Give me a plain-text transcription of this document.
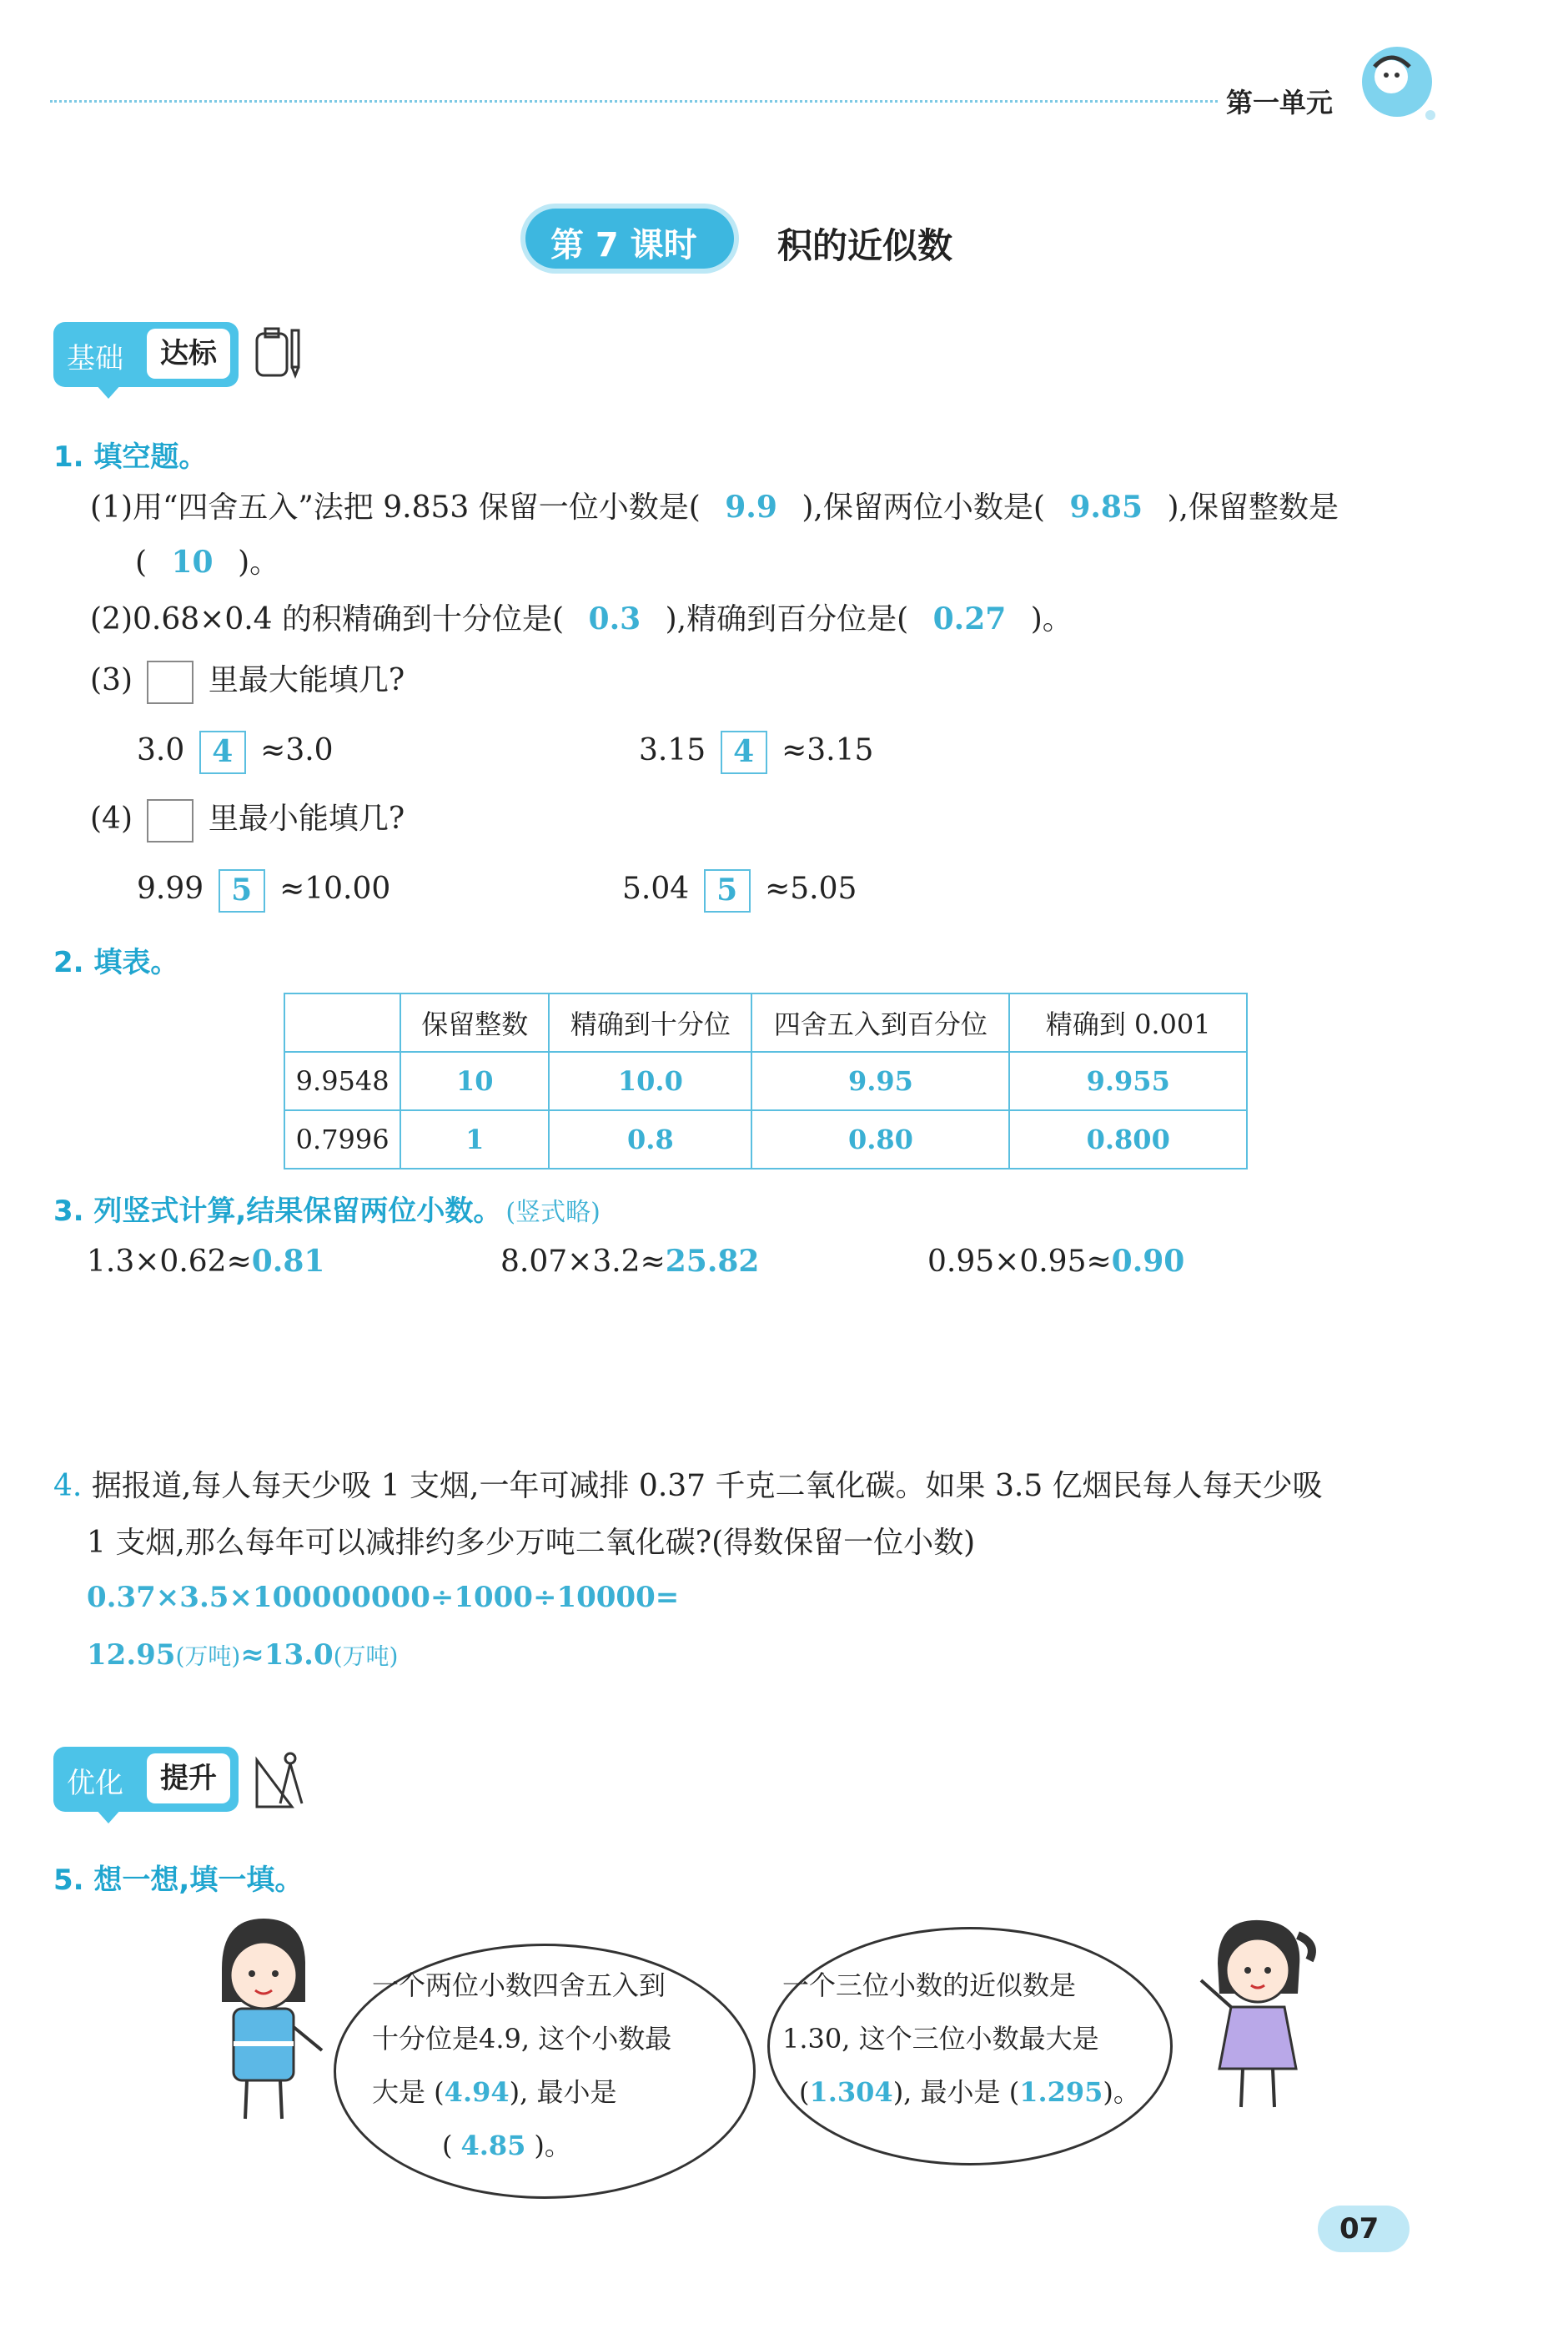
第一单元
第 7 课时 积的近似数
基础	达标
1. 填空题。
(1)用“四舍五入”法把 9.853 保留一位小数是( 9.9 ),保留两位小数是( 9.85 ),保留整数是
( 10 )。
(2)0.68×0.4 的积精确到十分位是( 0.3 ),精确到百分位是( 0.27 )。
(3)	里最大能填几?
3.0 4 ≈3.0	3.15 4 ≈3.15
(4)	里最小能填几?
9.99 5 ≈10.00	5.04 5 ≈5.05
2. 填表。
	保留整数	精确到十分位	四舍五入到百分位	精确到 0.001
9.9548	10	10.0	9.95	9.955
0.7996	1	0.8	0.80	0.800
3. 列竖式计算,结果保留两位小数。 (竖式略)
1.3×0.62≈0.81	8.07×3.2≈25.82	0.95×0.95≈0.90
4. 据报道,每人每天少吸 1 支烟,一年可减排 0.37 千克二氧化碳。如果 3.5 亿烟民每人每天少吸
1 支烟,那么每年可以减排约多少万吨二氧化碳?(得数保留一位小数)
0.37×3.5×100000000÷1000÷10000=
12.95(万吨)≈13.0(万吨)
优化	提升
5. 想一想,填一填。
一个两位小数四舍五入到
十分位是4.9, 这个小数最
大是 (4.94), 最小是
( 4.85 )。
一个三位小数的近似数是
1.30, 这个三位小数最大是
(1.304), 最小是 (1.295)。
07
